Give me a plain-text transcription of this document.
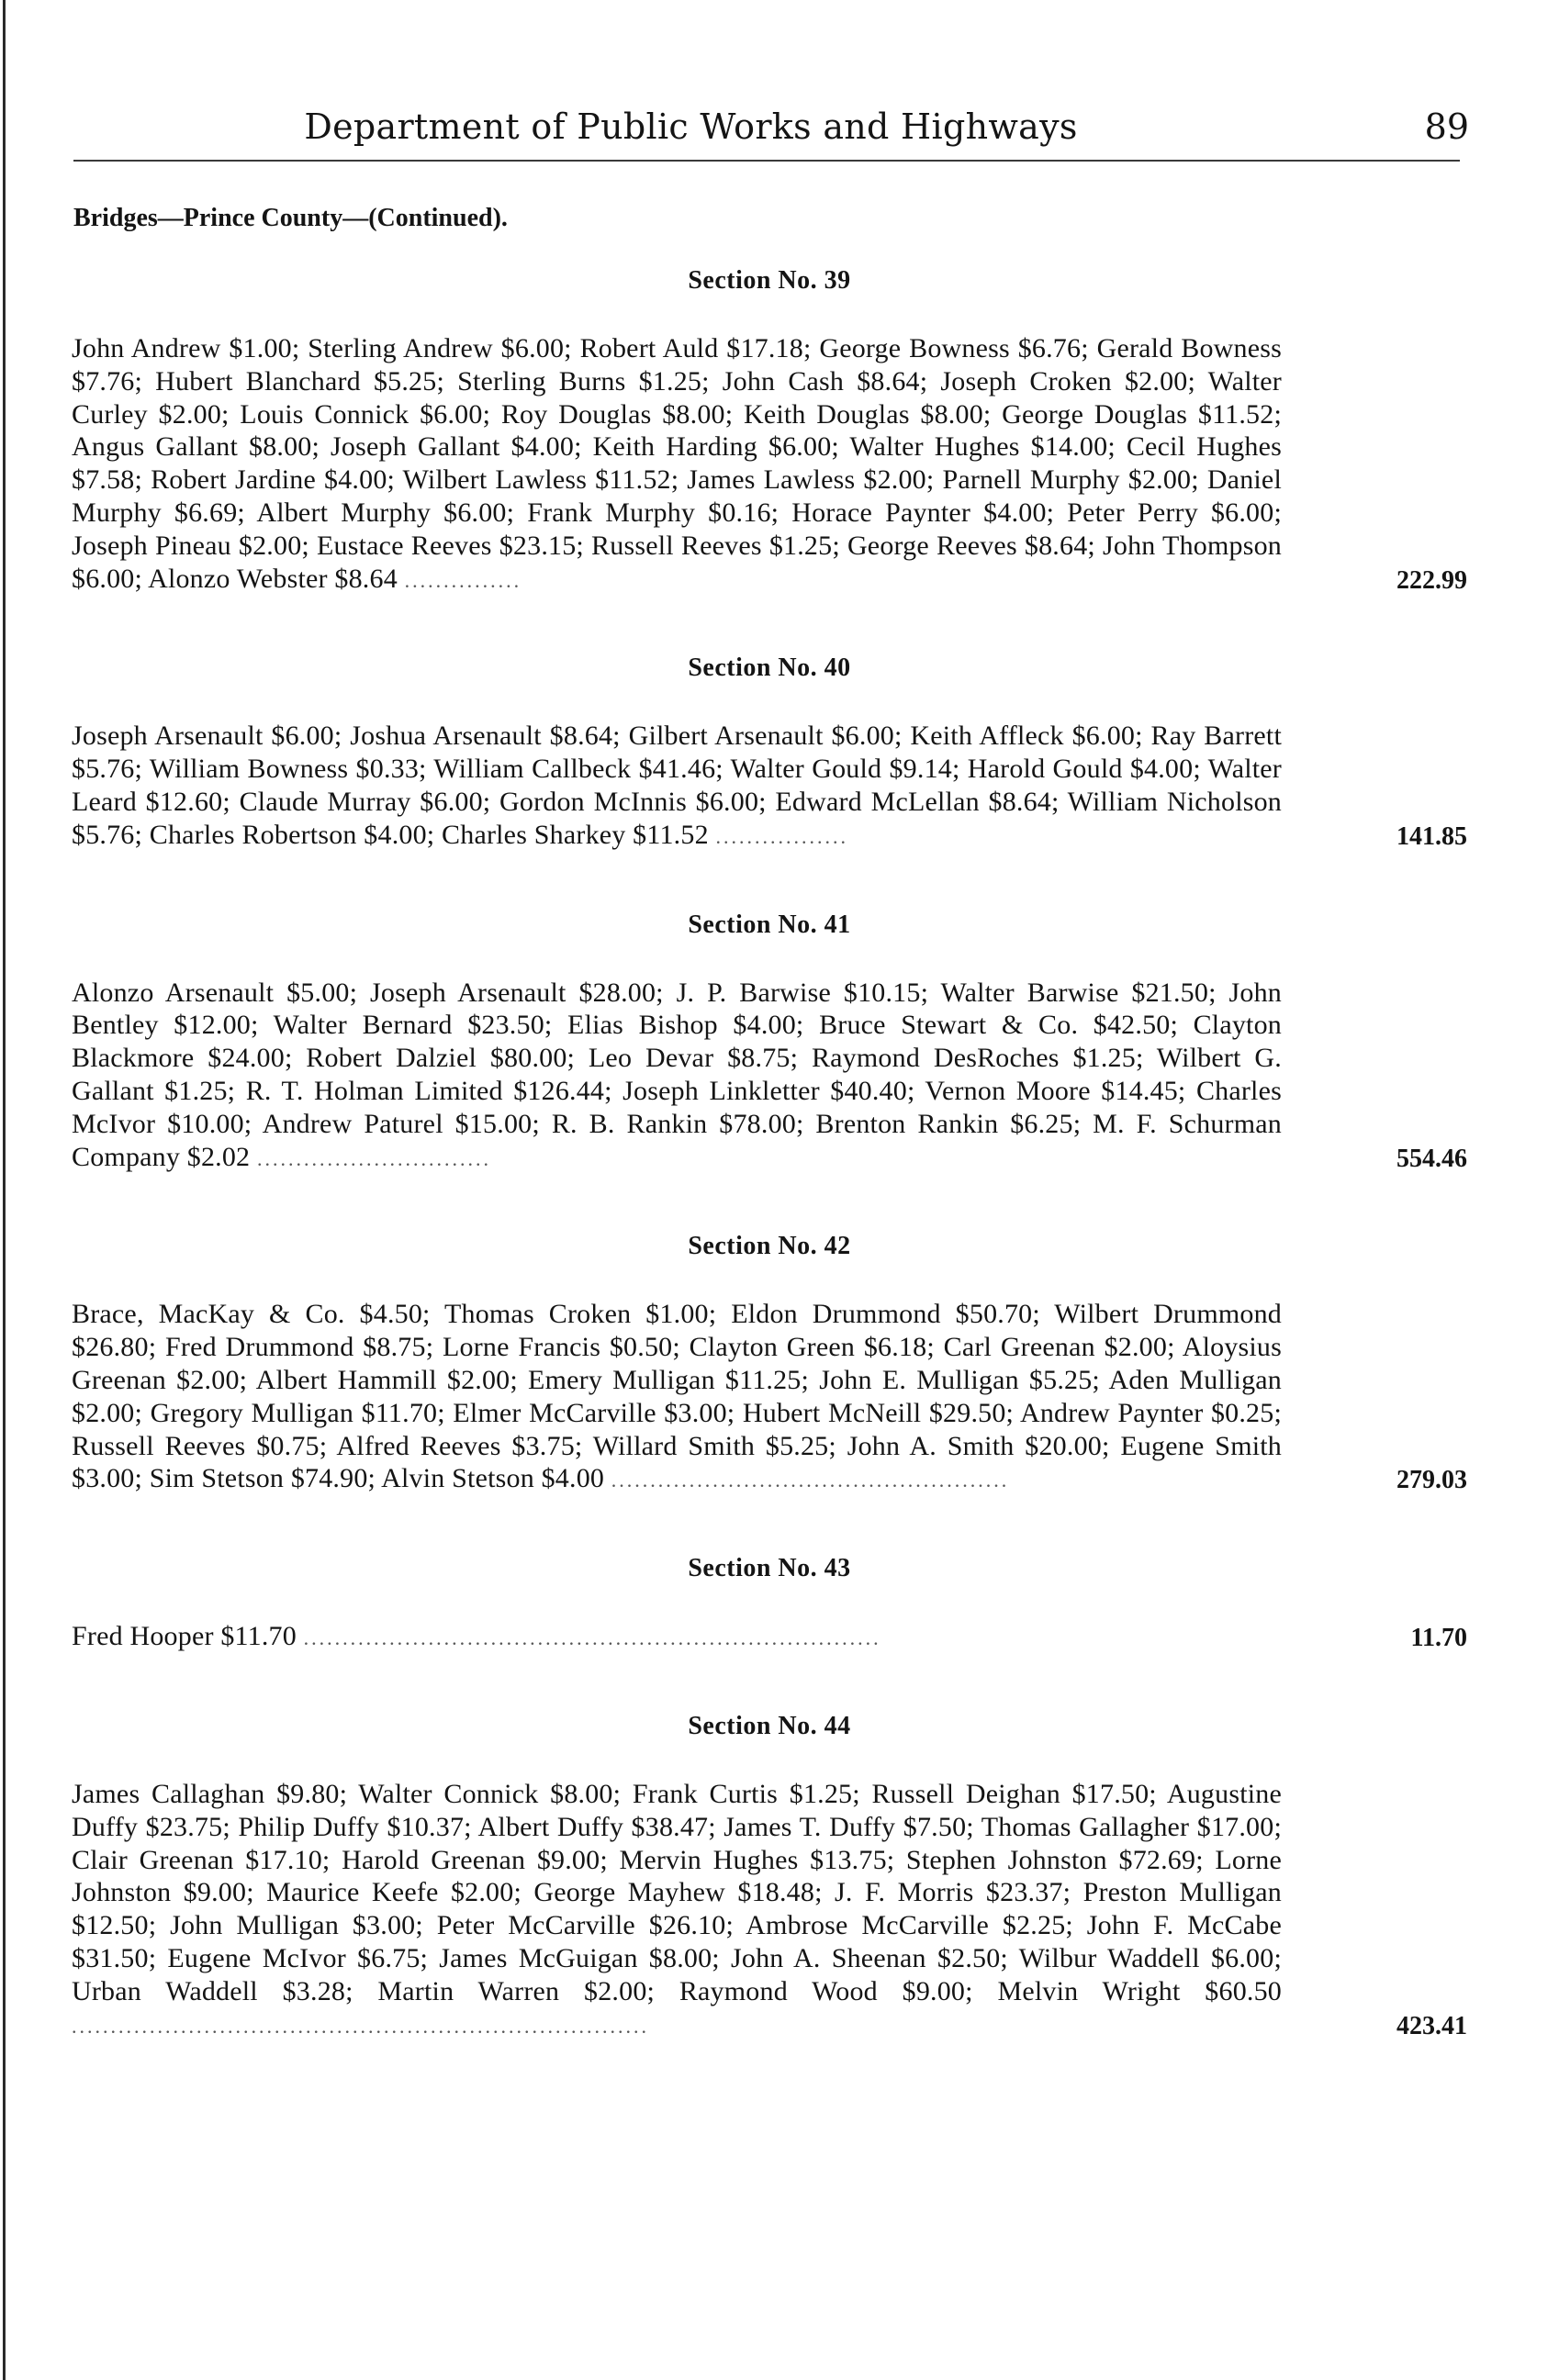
Department of Public Works and Highways	89
Bridges—Prince County—(Continued).
Section No. 39
John Andrew $1.00; Sterling Andrew $6.00; Robert Auld $17.18; George Bowness $6.76; Gerald Bowness $7.76; Hubert Blanchard $5.25; Sterling Burns $1.25; John Cash $8.64; Joseph Croken $2.00; Walter Curley $2.00; Louis Connick $6.00; Roy Douglas $8.00; Keith Douglas $8.00; George Douglas $11.52; Angus Gallant $8.00; Joseph Gallant $4.00; Keith Harding $6.00; Walter Hughes $14.00; Cecil Hughes $7.58; Robert Jardine $4.00; Wilbert Lawless $11.52; James Lawless $2.00; Parnell Murphy $2.00; Daniel Murphy $6.69; Albert Murphy $6.00; Frank Murphy $0.16; Horace Paynter $4.00; Peter Perry $6.00; Joseph Pineau $2.00; Eustace Reeves $23.15; Russell Reeves $1.25; George Reeves $8.64; John Thompson $6.00; Alonzo Webster $8.64 ...............	222.99
Section No. 40
Joseph Arsenault $6.00; Joshua Arsenault $8.64; Gilbert Arsenault $6.00; Keith Affleck $6.00; Ray Barrett $5.76; William Bowness $0.33; William Callbeck $41.46; Walter Gould $9.14; Harold Gould $4.00; Walter Leard $12.60; Claude Murray $6.00; Gordon McInnis $6.00; Edward McLellan $8.64; William Nicholson $5.76; Charles Robertson $4.00; Charles Sharkey $11.52 .................	141.85
Section No. 41
Alonzo Arsenault $5.00; Joseph Arsenault $28.00; J. P. Barwise $10.15; Walter Barwise $21.50; John Bentley $12.00; Walter Bernard $23.50; Elias Bishop $4.00; Bruce Stewart & Co. $42.50; Clayton Blackmore $24.00; Robert Dalziel $80.00; Leo Devar $8.75; Raymond DesRoches $1.25; Wilbert G. Gallant $1.25; R. T. Holman Limited $126.44; Joseph Linkletter $40.40; Vernon Moore $14.45; Charles McIvor $10.00; Andrew Paturel $15.00; R. B. Rankin $78.00; Brenton Rankin $6.25; M. F. Schurman Company $2.02 ..............................	554.46
Section No. 42
Brace, MacKay & Co. $4.50; Thomas Croken $1.00; Eldon Drummond $50.70; Wilbert Drummond $26.80; Fred Drummond $8.75; Lorne Francis $0.50; Clayton Green $6.18; Carl Greenan $2.00; Aloysius Greenan $2.00; Albert Hammill $2.00; Emery Mulligan $11.25; John E. Mulligan $5.25; Aden Mulligan $2.00; Gregory Mulligan $11.70; Elmer McCarville $3.00; Hubert McNeill $29.50; Andrew Paynter $0.25; Russell Reeves $0.75; Alfred Reeves $3.75; Willard Smith $5.25; John A. Smith $20.00; Eugene Smith $3.00; Sim Stetson $74.90; Alvin Stetson $4.00 ...................................................	279.03
Section No. 43
Fred Hooper $11.70 ..........................................................................	11.70
Section No. 44
James Callaghan $9.80; Walter Connick $8.00; Frank Curtis $1.25; Russell Deighan $17.50; Augustine Duffy $23.75; Philip Duffy $10.37; Albert Duffy $38.47; James T. Duffy $7.50; Thomas Gallagher $17.00; Clair Greenan $17.10; Harold Greenan $9.00; Mervin Hughes $13.75; Stephen Johnston $72.69; Lorne Johnston $9.00; Maurice Keefe $2.00; George Mayhew $18.48; J. F. Morris $23.37; Preston Mulligan $12.50; John Mulligan $3.00; Peter McCarville $26.10; Ambrose McCarville $2.25; John F. McCabe $31.50; Eugene McIvor $6.75; James McGuigan $8.00; John A. Sheenan $2.50; Wilbur Waddell $6.00; Urban Waddell $3.28; Martin Warren $2.00; Raymond Wood $9.00; Melvin Wright $60.50 ..........................................................................	423.41
